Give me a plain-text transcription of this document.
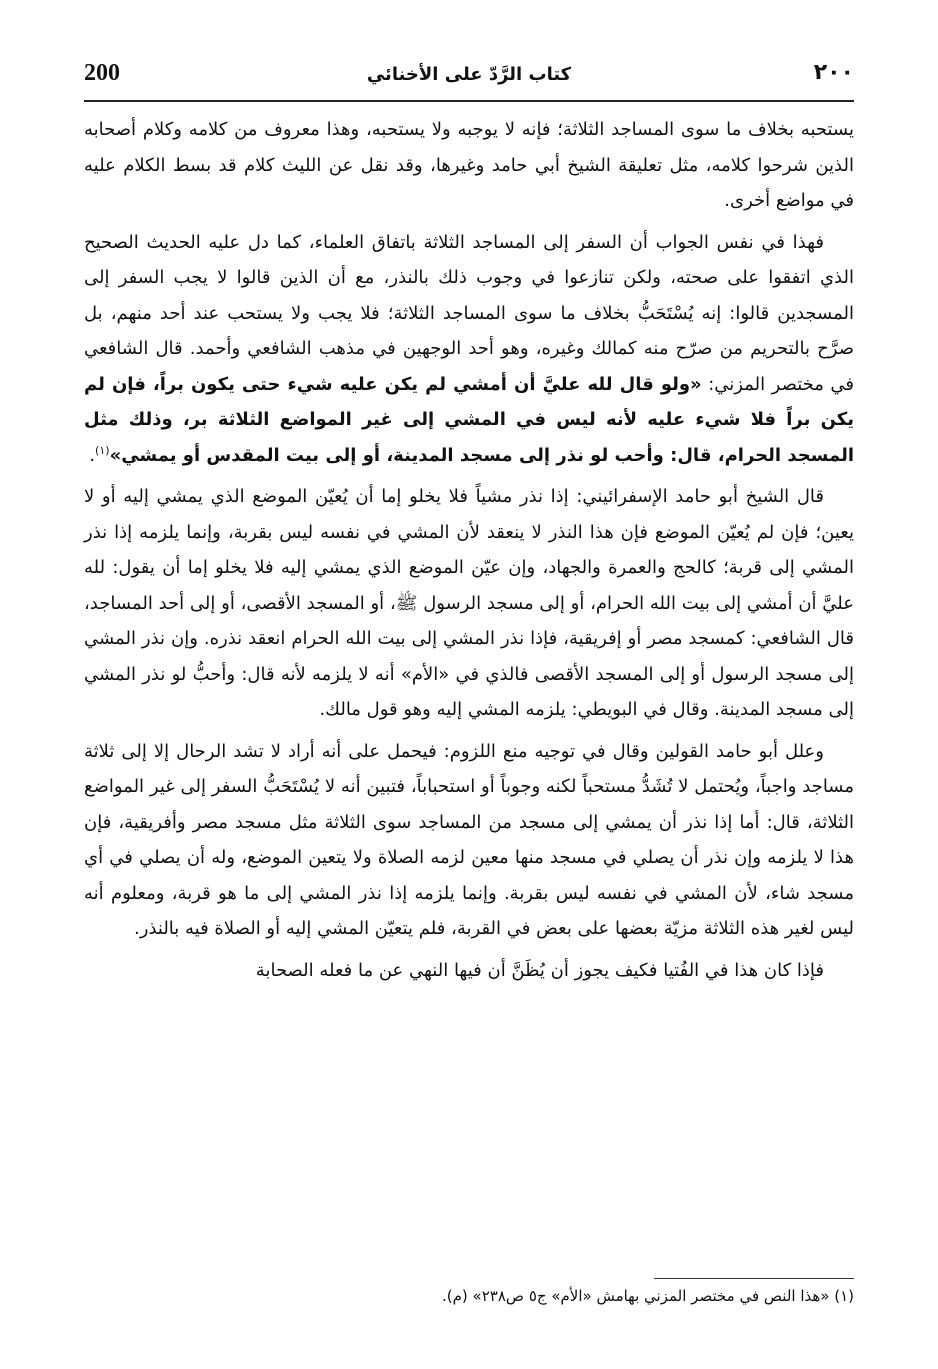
200	كتاب الرَّدّ على الأخنائي	٢٠٠

يستحبه بخلاف ما سوى المساجد الثلاثة؛ فإنه لا يوجبه ولا يستحبه، وهذا معروف من كلامه وكلام أصحابه الذين شرحوا كلامه، مثل تعليقة الشيخ أبي حامد وغيرها، وقد نقل عن الليث كلام قد بسط الكلام عليه في مواضع أخرى.

فهذا في نفس الجواب أن السفر إلى المساجد الثلاثة باتفاق العلماء، كما دل عليه الحديث الصحيح الذي اتفقوا على صحته، ولكن تنازعوا في وجوب ذلك بالنذر، مع أن الذين قالوا لا يجب السفر إلى المسجدين قالوا: إنه يُسْتَحَبُّ بخلاف ما سوى المساجد الثلاثة؛ فلا يجب ولا يستحب عند أحد منهم، بل صرَّح بالتحريم من صرّح منه كمالك وغيره، وهو أحد الوجهين في مذهب الشافعي وأحمد. قال الشافعي في مختصر المزني: «ولو قال لله عليَّ أن أمشي لم يكن عليه شيء حتى يكون براً، فإن لم يكن براً فلا شيء عليه لأنه ليس في المشي إلى غير المواضع الثلاثة بر، وذلك مثل المسجد الحرام، قال: وأحب لو نذر إلى مسجد المدينة، أو إلى بيت المقدس أو يمشي»$^{(١)}$.

قال الشيخ أبو حامد الإسفرائيني: إذا نذر مشياً فلا يخلو إما أن يُعيّن الموضع الذي يمشي إليه أو لا يعين؛ فإن لم يُعيّن الموضع فإن هذا النذر لا ينعقد لأن المشي في نفسه ليس بقربة، وإنما يلزمه إذا نذر المشي إلى قربة؛ كالحج والعمرة والجهاد، وإن عيّن الموضع الذي يمشي إليه فلا يخلو إما أن يقول: لله عليَّ أن أمشي إلى بيت الله الحرام، أو إلى مسجد الرسول ﷺ، أو المسجد الأقصى، أو إلى أحد المساجد، قال الشافعي: كمسجد مصر أو إفريقية، فإذا نذر المشي إلى بيت الله الحرام انعقد نذره. وإن نذر المشي إلى مسجد الرسول أو إلى المسجد الأقصى فالذي في «الأم» أنه لا يلزمه لأنه قال: وأحبُّ لو نذر المشي إلى مسجد المدينة. وقال في البويطي: يلزمه المشي إليه وهو قول مالك.

وعلل أبو حامد القولين وقال في توجيه منع اللزوم: فيحمل على أنه أراد لا تشد الرحال إلا إلى ثلاثة مساجد واجباً، ويُحتمل لا تُشَدُّ مستحباً لكنه وجوباً أو استحباباً، فتبين أنه لا يُسْتَحَبُّ السفر إلى غير المواضع الثلاثة، قال: أما إذا نذر أن يمشي إلى مسجد من المساجد سوى الثلاثة مثل مسجد مصر وأفريقية، فإن هذا لا يلزمه وإن نذر أن يصلي في مسجد منها معين لزمه الصلاة ولا يتعين الموضع، وله أن يصلي في أي مسجد شاء، لأن المشي في نفسه ليس بقربة. وإنما يلزمه إذا نذر المشي إلى ما هو قربة، ومعلوم أنه ليس لغير هذه الثلاثة مزيّة بعضها على بعض في القربة، فلم يتعيّن المشي إليه أو الصلاة فيه بالنذر.

فإذا كان هذا في الفُتيا فكيف يجوز أن يُظَنَّ أن فيها النهي عن ما فعله الصحابة

(١) «هذا النص في مختصر المزني بهامش «الأم» ج٥ ص٢٣٨» (م).
